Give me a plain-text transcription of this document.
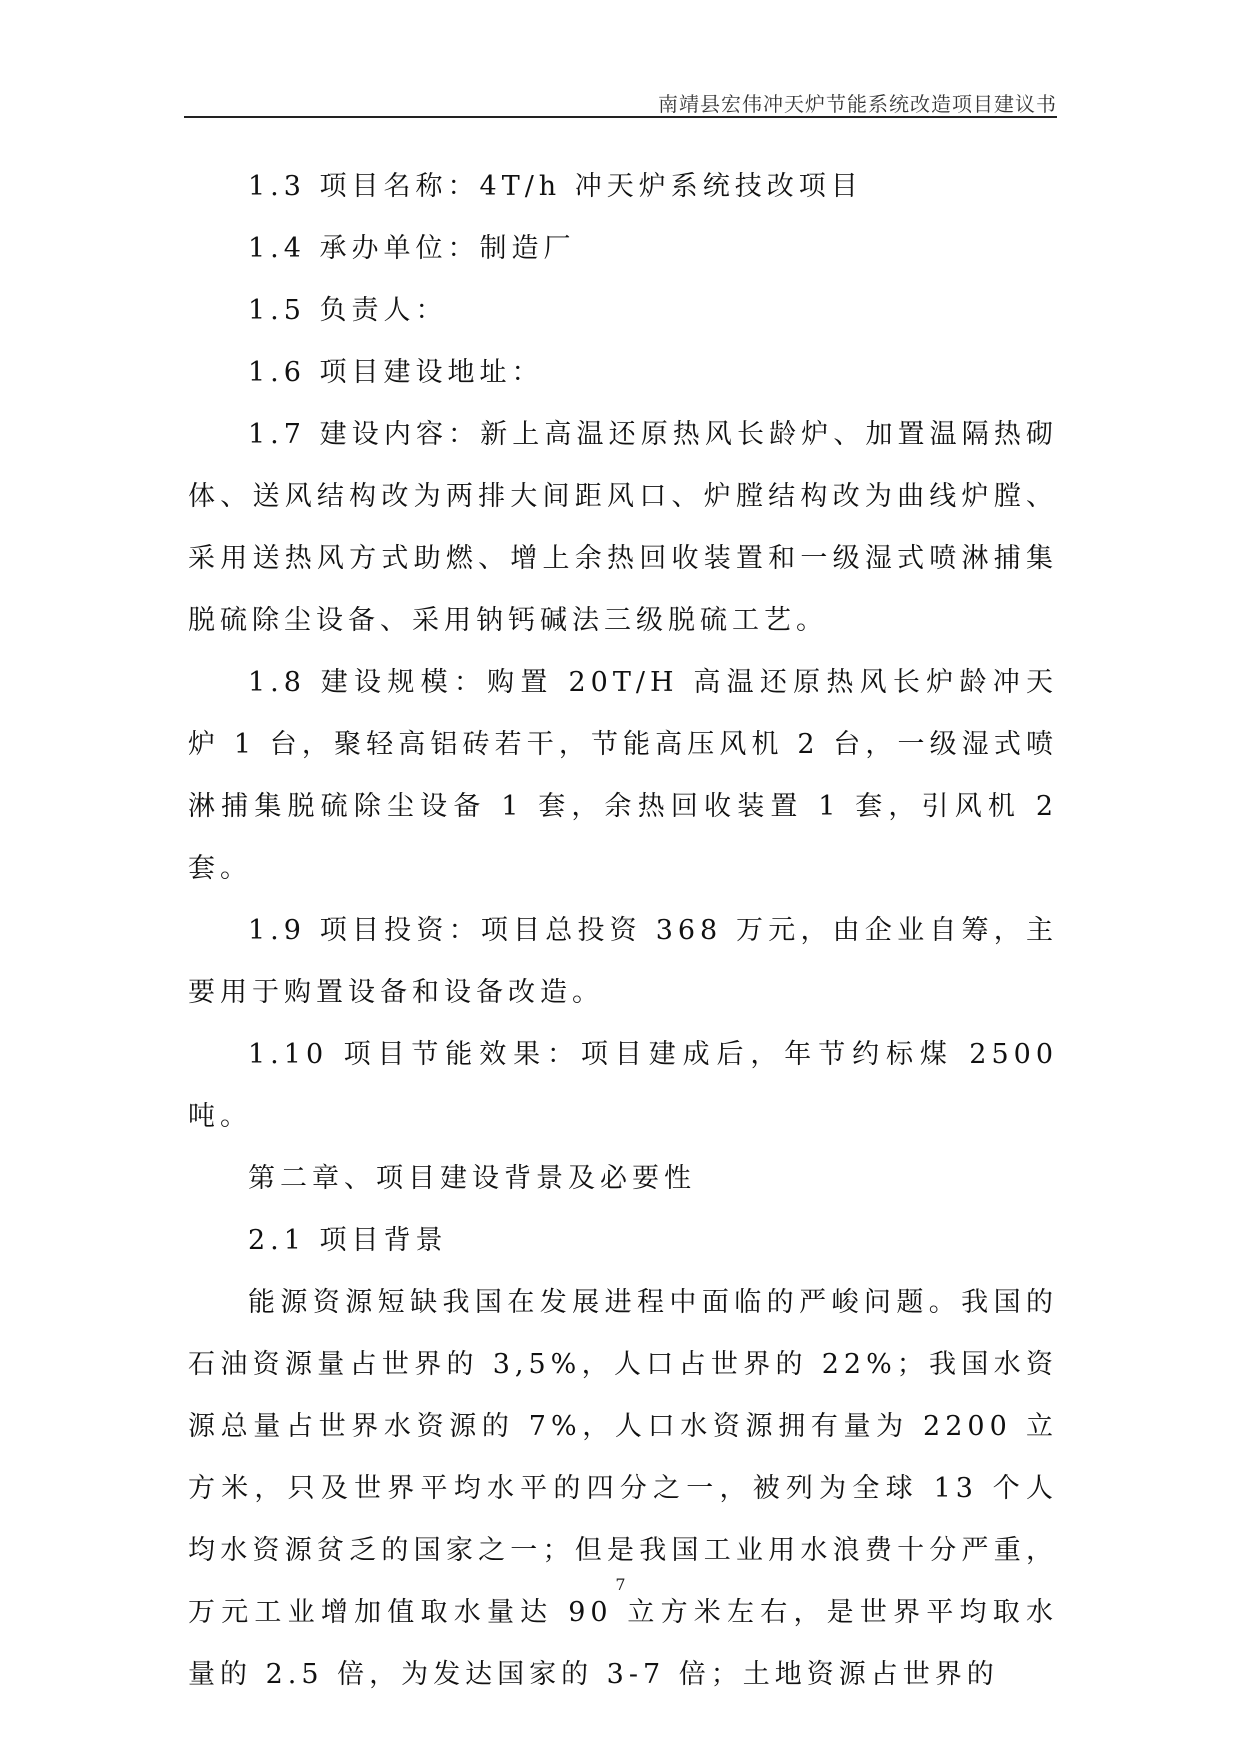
南靖县宏伟冲天炉节能系统改造项目建议书

1.3 项目名称：4T/h 冲天炉系统技改项目

1.4 承办单位：制造厂

1.5 负责人：

1.6 项目建设地址：

1.7 建设内容：新上高温还原热风长龄炉、加置温隔热砌体、送风结构改为两排大间距风口、炉膛结构改为曲线炉膛、采用送热风方式助燃、增上余热回收装置和一级湿式喷淋捕集脱硫除尘设备、采用钠钙碱法三级脱硫工艺。

1.8 建设规模：购置 20T/H 高温还原热风长炉龄冲天炉 1 台，聚轻高铝砖若干，节能高压风机 2 台，一级湿式喷淋捕集脱硫除尘设备 1 套，余热回收装置 1 套，引风机 2 套。

1.9 项目投资：项目总投资 368 万元，由企业自筹，主要用于购置设备和设备改造。

1.10 项目节能效果：项目建成后，年节约标煤 2500 吨。

第二章、项目建设背景及必要性

2.1 项目背景

能源资源短缺我国在发展进程中面临的严峻问题。我国的石油资源量占世界的 3,5%，人口占世界的 22%；我国水资源总量占世界水资源的 7%，人口水资源拥有量为 2200 立方米，只及世界平均水平的四分之一，被列为全球 13 个人均水资源贫乏的国家之一；但是我国工业用水浪费十分严重，万元工业增加值取水量达 90 立方米左右，是世界平均取水量的 2.5 倍，为发达国家的 3-7 倍；土地资源占世界的

7
